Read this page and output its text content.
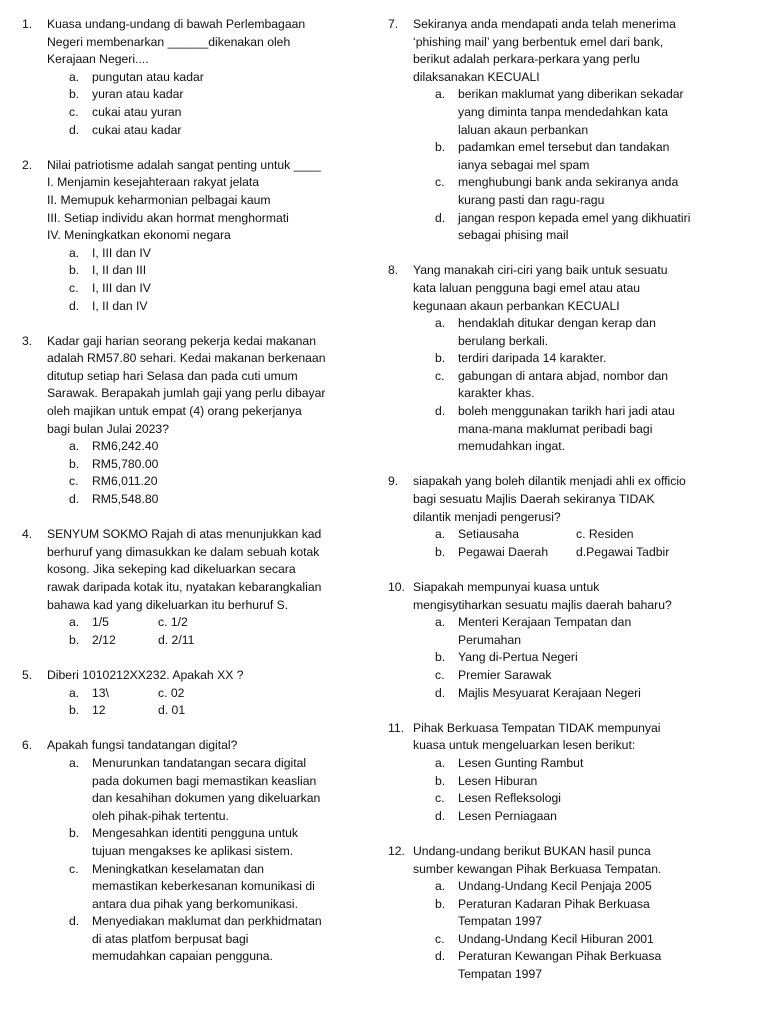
1. Kuasa undang-undang di bawah Perlembagaan
Negeri membenarkan ______dikenakan oleh
Kerajaan Negeri....
a. pungutan atau kadar
b. yuran atau kadar
c. cukai atau yuran
d. cukai atau kadar
2. Nilai patriotisme adalah sangat penting untuk ____
I. Menjamin kesejahteraan rakyat jelata
II. Memupuk keharmonian pelbagai kaum
III. Setiap individu akan hormat menghormati
IV. Meningkatkan ekonomi negara
a. I, III dan IV
b. I, II dan III
c. I, III dan IV
d. I, II dan IV
3. Kadar gaji harian seorang pekerja kedai makanan
adalah RM57.80 sehari. Kedai makanan berkenaan
ditutup setiap hari Selasa dan pada cuti umum
Sarawak. Berapakah jumlah gaji yang perlu dibayar
oleh majikan untuk empat (4) orang pekerjanya
bagi bulan Julai 2023?
a. RM6,242.40
b. RM5,780.00
c. RM6,011.20
d. RM5,548.80
4. SENYUM SOKMO Rajah di atas menunjukkan kad
berhuruf yang dimasukkan ke dalam sebuah kotak
kosong. Jika sekeping kad dikeluarkan secara
rawak daripada kotak itu, nyatakan kebarangkalian
bahawa kad yang dikeluarkan itu berhuruf S.
a. 1/5	c. 1/2
b. 2/12	d. 2/11
5. Diberi 1010212XX232. Apakah XX ?
a. 13\	c. 02
b. 12	d. 01
6. Apakah fungsi tandatangan digital?
a. Menurunkan tandatangan secara digital
pada dokumen bagi memastikan keaslian
dan kesahihan dokumen yang dikeluarkan
oleh pihak-pihak tertentu.
b. Mengesahkan identiti pengguna untuk
tujuan mengakses ke aplikasi sistem.
c. Meningkatkan keselamatan dan
memastikan keberkesanan komunikasi di
antara dua pihak yang berkomunikasi.
d. Menyediakan maklumat dan perkhidmatan
di atas platfom berpusat bagi
memudahkan capaian pengguna.
7. Sekiranya anda mendapati anda telah menerima
‘phishing mail’ yang berbentuk emel dari bank,
berikut adalah perkara-perkara yang perlu
dilaksanakan KECUALI
a. berikan maklumat yang diberikan sekadar
yang diminta tanpa mendedahkan kata
laluan akaun perbankan
b. padamkan emel tersebut dan tandakan
ianya sebagai mel spam
c. menghubungi bank anda sekiranya anda
kurang pasti dan ragu-ragu
d. jangan respon kepada emel yang dikhuatiri
sebagai phising mail
8. Yang manakah ciri-ciri yang baik untuk sesuatu
kata laluan pengguna bagi emel atau atau
kegunaan akaun perbankan KECUALI
a. hendaklah ditukar dengan kerap dan
berulang berkali.
b. terdiri daripada 14 karakter.
c. gabungan di antara abjad, nombor dan
karakter khas.
d. boleh menggunakan tarikh hari jadi atau
mana-mana maklumat peribadi bagi
memudahkan ingat.
9. siapakah yang boleh dilantik menjadi ahli ex officio
bagi sesuatu Majlis Daerah sekiranya TIDAK
dilantik menjadi pengerusi?
a. Setiausaha	c. Residen
b. Pegawai Daerah d.Pegawai Tadbir
10. Siapakah mempunyai kuasa untuk
mengisytiharkan sesuatu majlis daerah baharu?
a. Menteri Kerajaan Tempatan dan
Perumahan
b. Yang di-Pertua Negeri
c. Premier Sarawak
d. Majlis Mesyuarat Kerajaan Negeri
11. Pihak Berkuasa Tempatan TIDAK mempunyai
kuasa untuk mengeluarkan lesen berikut:
a. Lesen Gunting Rambut
b. Lesen Hiburan
c. Lesen Refleksologi
d. Lesen Perniagaan
12. Undang-undang berikut BUKAN hasil punca
sumber kewangan Pihak Berkuasa Tempatan.
a. Undang-Undang Kecil Penjaja 2005
b. Peraturan Kadaran Pihak Berkuasa
Tempatan 1997
c. Undang-Undang Kecil Hiburan 2001
d. Peraturan Kewangan Pihak Berkuasa
Tempatan 1997
